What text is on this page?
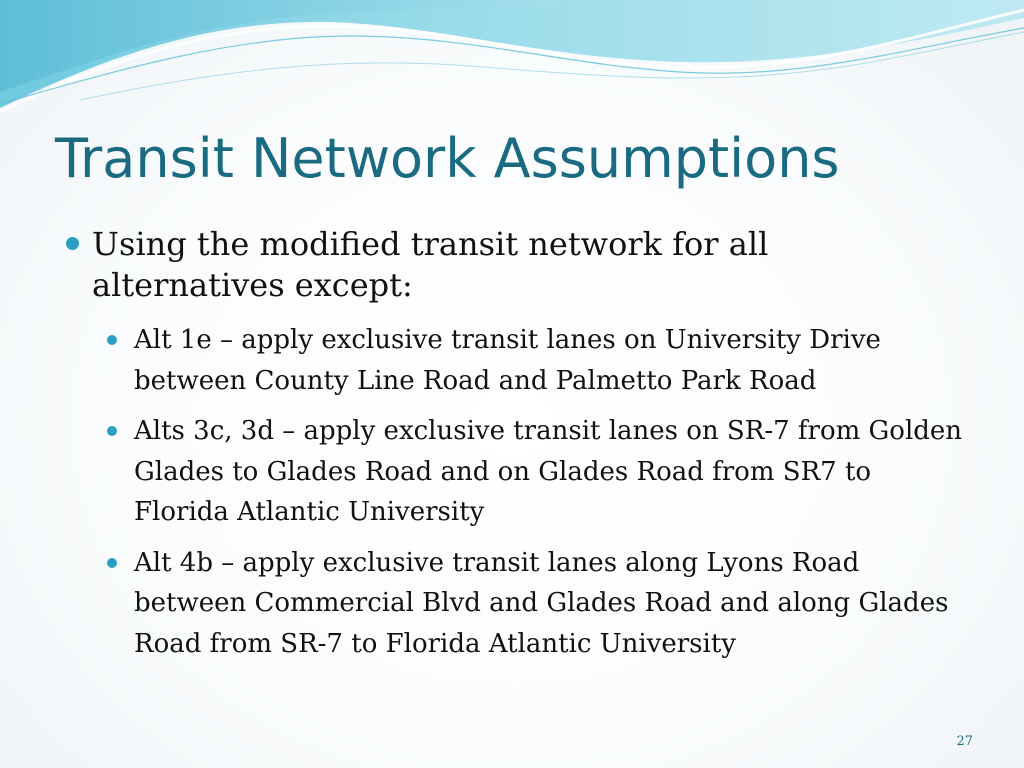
Transit Network Assumptions
Using the modified transit network for all alternatives except:
Alt 1e – apply exclusive transit lanes on University Drive between County Line Road and Palmetto Park Road
Alts 3c, 3d – apply exclusive transit lanes on SR-7 from Golden Glades to Glades Road and on Glades Road from SR7 to Florida Atlantic University
Alt 4b – apply exclusive transit lanes along Lyons Road between Commercial Blvd and Glades Road and along Glades Road from SR-7 to Florida Atlantic University
27
